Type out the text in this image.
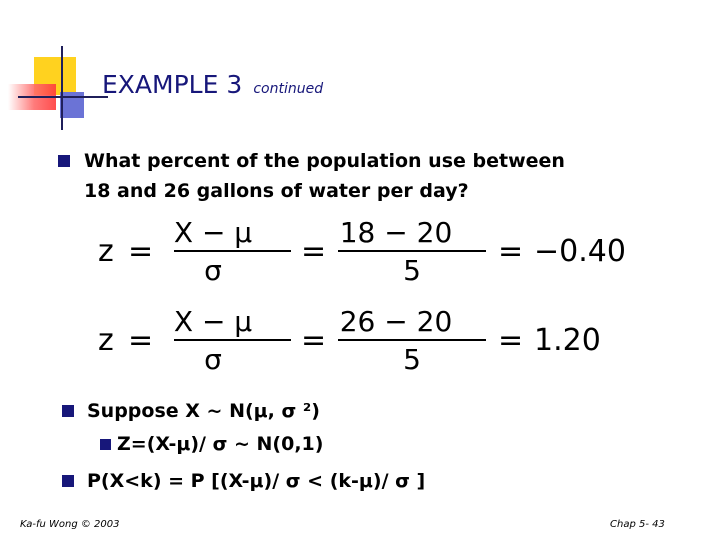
EXAMPLE 3 continued
What percent of the population use between
18 and 26 gallons of water per day?
z =
X − μ
σ
=
18 − 20
5
= −0.40
z =
X − μ
σ
=
26 − 20
5
= 1.20
Suppose X ~ N(μ, σ ²)
Z=(X-μ)/ σ ~ N(0,1)
P(X<k) = P [(X-μ)/ σ < (k-μ)/ σ ]
Ka-fu Wong © 2003	Chap 5- 43
